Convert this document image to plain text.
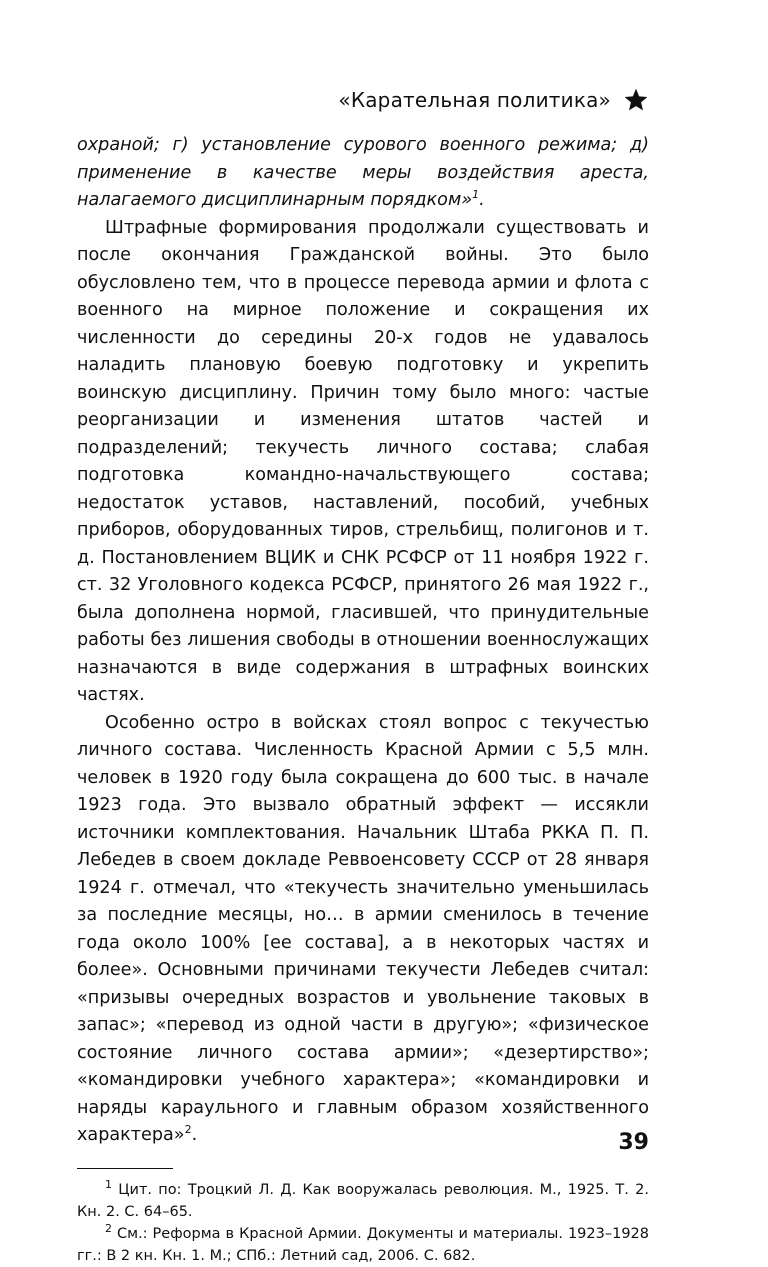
«Карательная политика»

охраной; г) установление сурового военного режима; д) применение в качестве меры воздействия ареста, налагаемого дисциплинарным порядком»$^1$.

Штрафные формирования продолжали существовать и после окончания Гражданской войны. Это было обусловлено тем, что в процессе перевода армии и флота с военного на мирное положение и сокращения их численности до середины 20-х годов не удавалось наладить плановую боевую подготовку и укрепить воинскую дисциплину. Причин тому было много: частые реорганизации и изменения штатов частей и подразделений; текучесть личного состава; слабая подготовка командно-начальствующего состава; недостаток уставов, наставлений, пособий, учебных приборов, оборудованных тиров, стрельбищ, полигонов и т. д. Постановлением ВЦИК и СНК РСФСР от 11 ноября 1922 г. ст. 32 Уголовного кодекса РСФСР, принятого 26 мая 1922 г., была дополнена нормой, гласившей, что принудительные работы без лишения свободы в отношении военнослужащих назначаются в виде содержания в штрафных воинских частях.

Особенно остро в войсках стоял вопрос с текучестью личного состава. Численность Красной Армии с 5,5 млн. человек в 1920 году была сокращена до 600 тыс. в начале 1923 года. Это вызвало обратный эффект — иссякли источники комплектования. Начальник Штаба РККА П. П. Лебедев в своем докладе Реввоенсовету СССР от 28 января 1924 г. отмечал, что «текучесть значительно уменьшилась за последние месяцы, но… в армии сменилось в течение года около 100% [ее состава], а в некоторых частях и более». Основными причинами текучести Лебедев считал: «призывы очередных возрастов и увольнение таковых в запас»; «перевод из одной части в другую»; «физическое состояние личного состава армии»; «дезертирство»; «командировки учебного характера»; «командировки и наряды караульного и главным образом хозяйственного характера»$^2$.

$^1$ Цит. по: Троцкий Л. Д. Как вооружалась революция. М., 1925. Т. 2. Кн. 2. С. 64–65.

$^2$ См.: Реформа в Красной Армии. Документы и материалы. 1923–1928 гг.: В 2 кн. Кн. 1. М.; СПб.: Летний сад, 2006. С. 682.

39
